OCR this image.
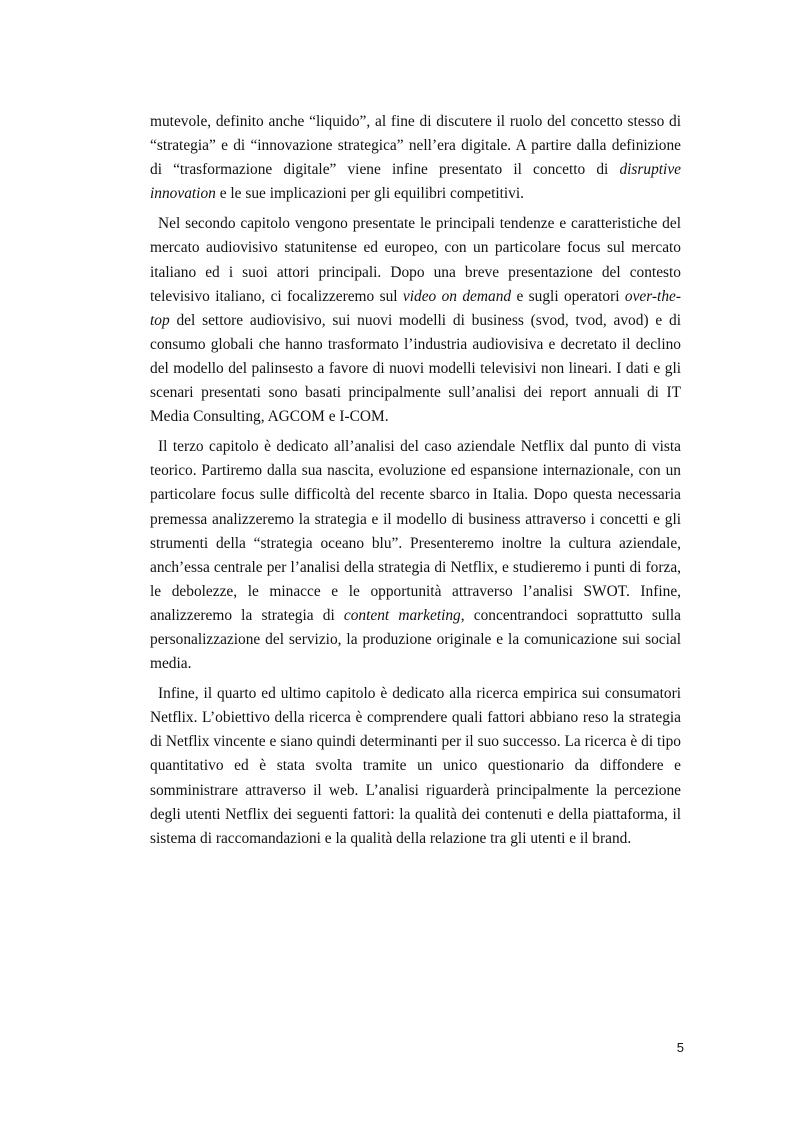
mutevole, definito anche “liquido”, al fine di discutere il ruolo del concetto stesso di “strategia” e di “innovazione strategica” nell’era digitale. A partire dalla definizione di “trasformazione digitale” viene infine presentato il concetto di disruptive innovation e le sue implicazioni per gli equilibri competitivi.

Nel secondo capitolo vengono presentate le principali tendenze e caratteristiche del mercato audiovisivo statunitense ed europeo, con un particolare focus sul mercato italiano ed i suoi attori principali. Dopo una breve presentazione del contesto televisivo italiano, ci focalizzeremo sul video on demand e sugli operatori over-the-top del settore audiovisivo, sui nuovi modelli di business (svod, tvod, avod) e di consumo globali che hanno trasformato l’industria audiovisiva e decretato il declino del modello del palinsesto a favore di nuovi modelli televisivi non lineari. I dati e gli scenari presentati sono basati principalmente sull’analisi dei report annuali di IT Media Consulting, AGCOM e I-COM.

Il terzo capitolo è dedicato all’analisi del caso aziendale Netflix dal punto di vista teorico. Partiremo dalla sua nascita, evoluzione ed espansione internazionale, con un particolare focus sulle difficoltà del recente sbarco in Italia. Dopo questa necessaria premessa analizzeremo la strategia e il modello di business attraverso i concetti e gli strumenti della “strategia oceano blu”. Presenteremo inoltre la cultura aziendale, anch’essa centrale per l’analisi della strategia di Netflix, e studieremo i punti di forza, le debolezze, le minacce e le opportunità attraverso l’analisi SWOT. Infine, analizzeremo la strategia di content marketing, concentrandoci soprattutto sulla personalizzazione del servizio, la produzione originale e la comunicazione sui social media.

Infine, il quarto ed ultimo capitolo è dedicato alla ricerca empirica sui consumatori Netflix. L’obiettivo della ricerca è comprendere quali fattori abbiano reso la strategia di Netflix vincente e siano quindi determinanti per il suo successo. La ricerca è di tipo quantitativo ed è stata svolta tramite un unico questionario da diffondere e somministrare attraverso il web. L’analisi riguarderà principalmente la percezione degli utenti Netflix dei seguenti fattori: la qualità dei contenuti e della piattaforma, il sistema di raccomandazioni e la qualità della relazione tra gli utenti e il brand.

5
